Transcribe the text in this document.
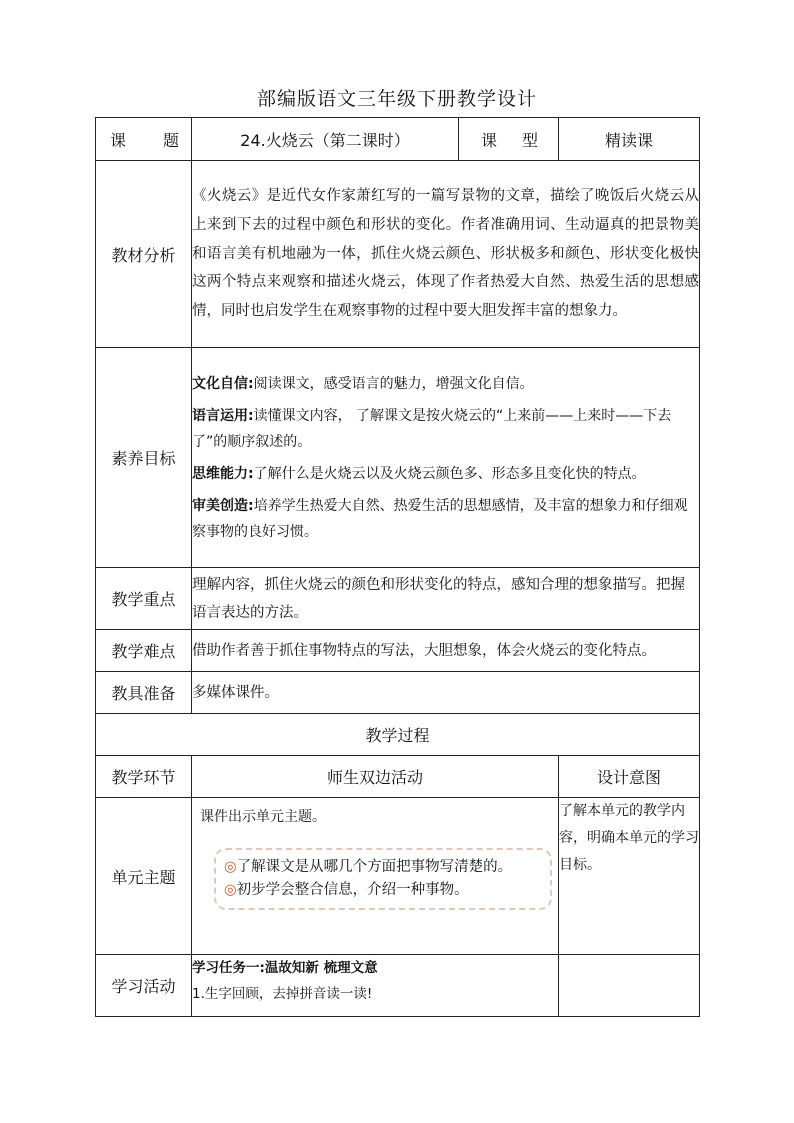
部编版语文三年级下册教学设计
课 题	24.火烧云（第二课时）	课 型	精读课
教材分析	《火烧云》是近代女作家萧红写的一篇写景物的文章，描绘了晚饭后火烧云从上来到下去的过程中颜色和形状的变化。作者准确用词、生动逼真的把景物美和语言美有机地融为一体，抓住火烧云颜色、形状极多和颜色、形状变化极快这两个特点来观察和描述火烧云，体现了作者热爱大自然、热爱生活的思想感情，同时也启发学生在观察事物的过程中要大胆发挥丰富的想象力。		
素养目标	文化自信:阅读课文，感受语言的魅力，增强文化自信。
语言运用:读懂课文内容， 了解课文是按火烧云的“上来前——上来时——下去了”的顺序叙述的。
思维能力:了解什么是火烧云以及火烧云颜色多、形态多且变化快的特点。
审美创造:培养学生热爱大自然、热爱生活的思想感情，及丰富的想象力和仔细观察事物的良好习惯。		

教学重点	理解内容，抓住火烧云的颜色和形状变化的特点，感知合理的想象描写。把握语言表达的方法。		
教学难点	借助作者善于抓住事物特点的写法，大胆想象，体会火烧云的变化特点。		
教具准备	多媒体课件。		
教学过程			
教学环节	师生双边活动		设计意图
单元主题	课件出示单元主题。
◎了解课文是从哪几个方面把事物写清楚的。
◎初步学会整合信息，介绍一种事物。		了解本单元的教学内容，明确本单元的学习目标。
学习活动	学习任务一:温故知新 梳理文意
1.生字回顾，去掉拼音读一读!		
